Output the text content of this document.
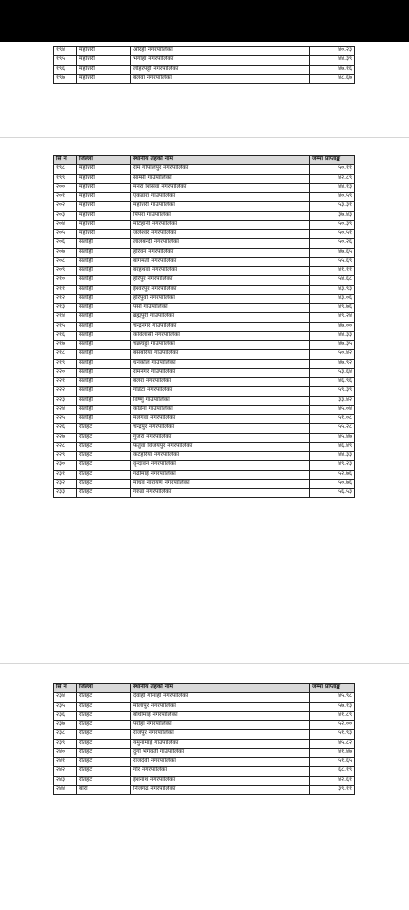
१९४	महोत्तरी	औरही नगरपालिका	४०.२३
१९५	महोत्तरी	भँगाहा नगरपालिका	४४.३९
१९६	महोत्तरी	लोहरपट्टी नगरपालिका	४७.१६
१९७	महोत्तरी	बलवा नगरपालिका	४८.६७
सि नं	जिल्ला	स्थानीय तहको नाम	जम्मा प्राप्ताङ्क
१९८	महोत्तरी	राम गोपालपुर नगरपालिका	५०.११
१९९	महोत्तरी	साम्सी गाउँपालिका	४२.८९
२००	महोत्तरी	मनरा शिसवा नगरपालिका	४४.१३
२०१	महोत्तरी	एकडारा गाउँपालिका	४०.५९
२०२	महोत्तरी	महोत्तरी गाउँपालिका	५३.३१
२०३	महोत्तरी	पिपरा गाउँपालिका	३७.४३
२०४	महोत्तरी	मटिहानी नगरपालिका	५०.३९
२०५	महोत्तरी	जलेश्वर नगरपालिका	५०.५१
२०६	सर्लाही	लालबन्दी नगरपालिका	५०.२६
२०७	सर्लाही	हरिवन नगरपालिका	४७.६५
२०८	सर्लाही	बागमती नगरपालिका	५५.६९
२०९	सर्लाही	बरहथवा नगरपालिका	४१.११
२१०	सर्लाही	हरिपुर नगरपालिका	५४.६८
२११	सर्लाही	ईश्वरपुर नगरपालिका	४३.९३
२१२	सर्लाही	हरिपुर्वा नगरपालिका	४३.०६
२१३	सर्लाही	पर्सा गाउँपालिका	४९.७६
२१४	सर्लाही	ब्रह्मपुरी गाउँपालिका	४९.२४
२१५	सर्लाही	चन्द्रनगर गाउँपालिका	४७.००
२१६	सर्लाही	कविलासी नगरपालिका	४४.३३
२१७	सर्लाही	चक्रघट्टा गाउँपालिका	४७.३५
२१८	सर्लाही	बसबरिया गाउँपालिका	५०.४२
२१९	सर्लाही	धनकौल गाउँपालिका	४७.९२
२२०	सर्लाही	रामनगर गाउँपालिका	५३.६४
२२१	सर्लाही	बलरा नगरपालिका	४६.९६
२२२	सर्लाही	गोडैटा नगरपालिका	५९.३९
२२३	सर्लाही	विष्णु गाउँपालिका	३३.४२
२२४	सर्लाही	कौडेना गाउँपालिका	४५.०४
२२५	सर्लाही	मलंगवा नगरपालिका	५१.०८
२२६	रौतहट	चन्द्रपुर नगरपालिका	५५.२८
२२७	रौतहट	गुजरा नगरपालिका	४५.४७
२२८	रौतहट	फतुवा विजयपुर नगरपालिका	४६.४९
२२९	रौतहट	कटहरिया नगरपालिका	४४.३३
२३०	रौतहट	वृन्दावन नगरपालिका	४९.२३
२३१	रौतहट	गढीमाई नगरपालिका	५२.७६
२३२	रौतहट	माधव नारायण नगरपालिका	५०.७६
२३३	रौतहट	गरुडा नगरपालिका	५६.५३
सि नं	जिल्ला	स्थानीय तहको नाम	जम्मा प्राप्ताङ्क
२३४	रौतहट	देवाही गोनाही नगरपालिका	४५.९८
२३५	रौतहट	मौलापुर नगरपालिका	५७.१३
२३६	रौतहट	बौधीमाई नगरपालिका	४१.८९
२३७	रौतहट	परोहा नगरपालिका	५२.००
२३८	रौतहट	राजपुर नगरपालिका	५१.९३
२३९	रौतहट	यमुनामाई गाउँपालिका	४५.८२
२४०	रौतहट	दुर्गा भगवती गाउँपालिका	४१.४७
२४१	रौतहट	राजदेवी नगरपालिका	५१.६५
२४२	रौतहट	गौर नगरपालिका	६८.१९
२४३	रौतहट	ईशनाथ नगरपालिका	४२.६१
२४४	बारा	निजगढ नगरपालिका	३९.११
